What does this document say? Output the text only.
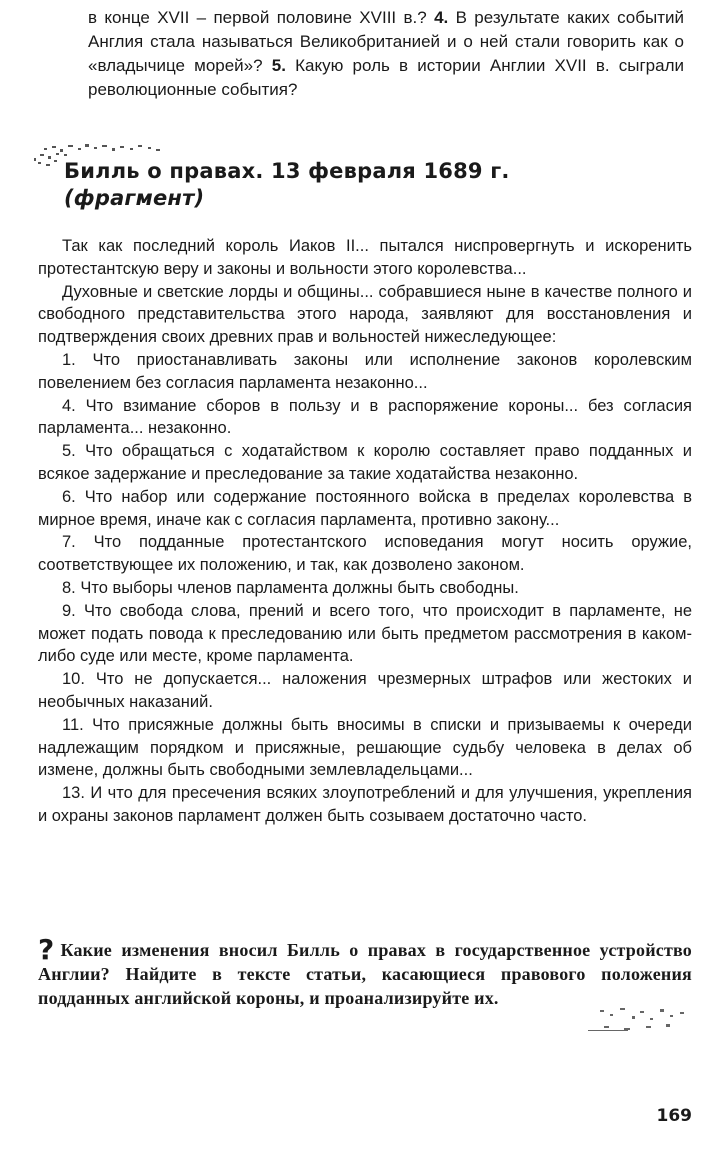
в конце XVII – первой половине XVIII в.? 4. В результате каких событий Англия стала называться Великобританией и о ней стали говорить как о «владычице морей»? 5. Какую роль в истории Англии XVII в. сыграли революционные события?
Билль о правах. 13 февраля 1689 г.
(фрагмент)

Так как последний король Иаков II... пытался ниспровергнуть и искоренить протестантскую веру и законы и вольности этого королевства...

Духовные и светские лорды и общины... собравшиеся ныне в качестве полного и свободного представительства этого народа, заявляют для восстановления и подтверждения своих древних прав и вольностей нижеследующее:

1. Что приостанавливать законы или исполнение законов королевским повелением без согласия парламента незаконно...

4. Что взимание сборов в пользу и в распоряжение короны... без согласия парламента... незаконно.

5. Что обращаться с ходатайством к королю составляет право подданных и всякое задержание и преследование за такие ходатайства незаконно.

6. Что набор или содержание постоянного войска в пределах королевства в мирное время, иначе как с согласия парламента, противно закону...

7. Что подданные протестантского исповедания могут носить оружие, соответствующее их положению, и так, как дозволено законом.

8. Что выборы членов парламента должны быть свободны.

9. Что свобода слова, прений и всего того, что происходит в парламенте, не может подать повода к преследованию или быть предметом рассмотрения в каком-либо суде или месте, кроме парламента.

10. Что не допускается... наложения чрезмерных штрафов или жестоких и необычных наказаний.

11. Что присяжные должны быть вносимы в списки и призываемы к очереди надлежащим порядком и присяжные, решающие судьбу человека в делах об измене, должны быть свободными землевладельцами...

13. И что для пресечения всяких злоупотреблений и для улучшения, укрепления и охраны законов парламент должен быть созываем достаточно часто.

? Какие изменения вносил Билль о правах в государственное устройство Англии? Найдите в тексте статьи, касающиеся правового положения подданных английской короны, и проанализируйте их.
169
